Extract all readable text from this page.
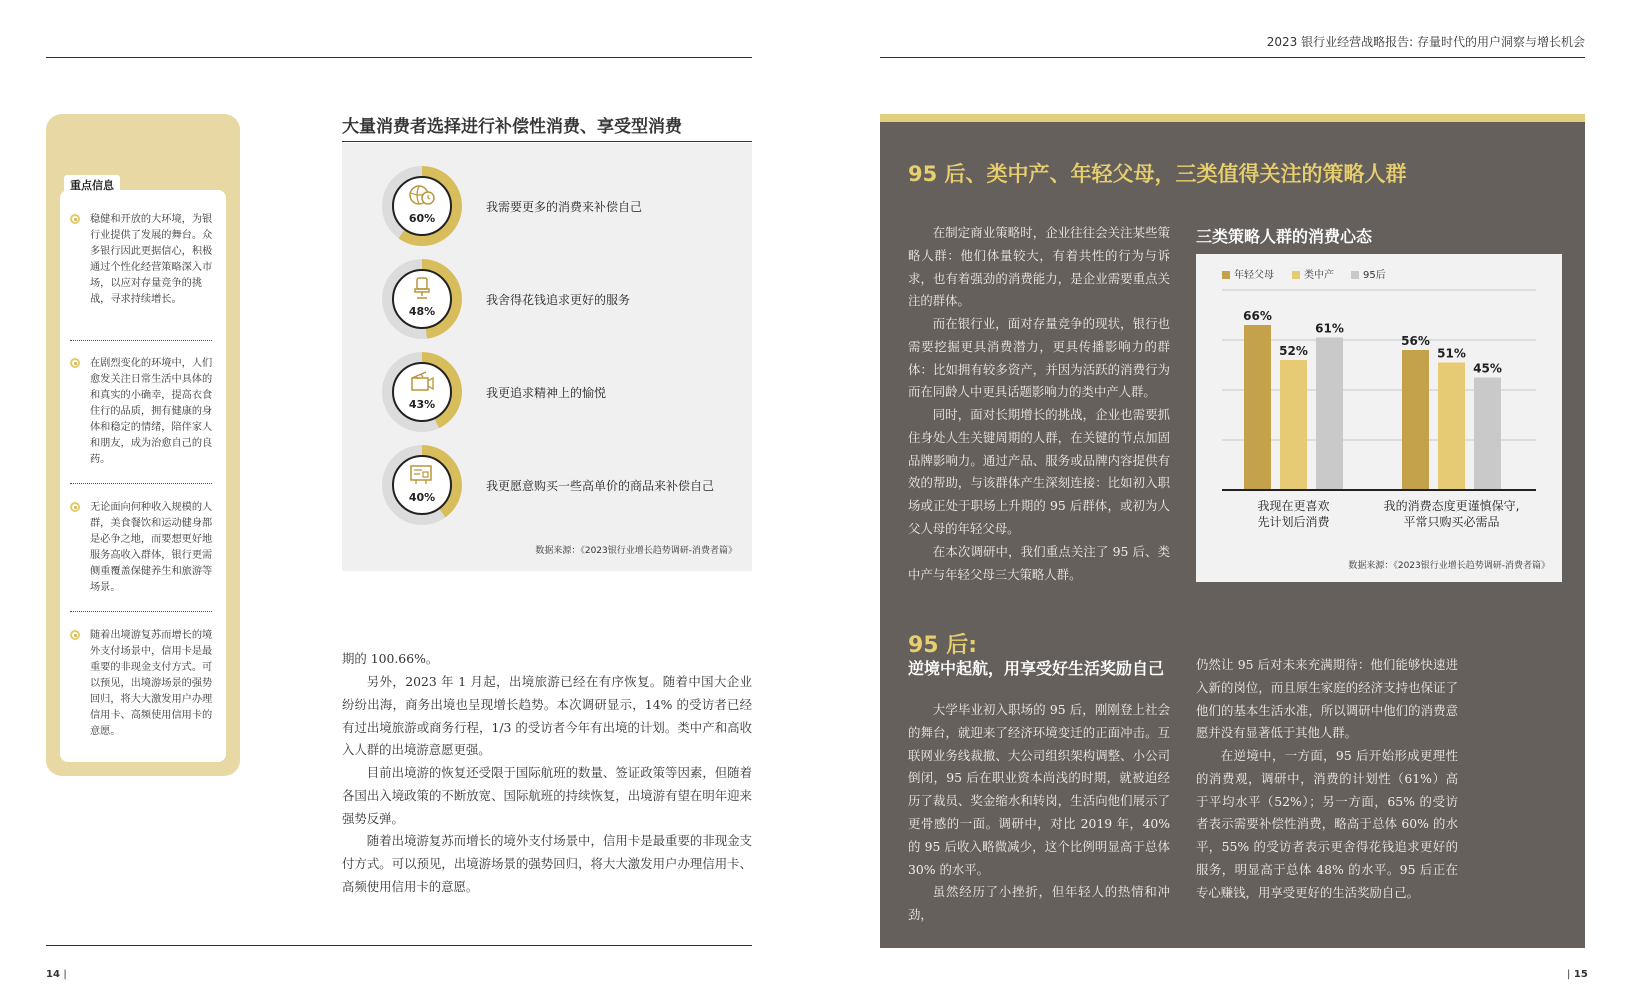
2023 银行业经营战略报告: 存量时代的用户洞察与增长机会
重点信息
稳健和开放的大环境，为银行业提供了发展的舞台。众多银行因此更据信心，积极通过个性化经营策略深入市场，以应对存量竞争的挑战，寻求持续增长。
在剧烈变化的环境中，人们愈发关注日常生活中具体的和真实的小确幸，提高衣食住行的品质，拥有健康的身体和稳定的情绪，陪伴家人和朋友，成为治愈自己的良药。
无论面向何种收入规模的人群，美食餐饮和运动健身都是必争之地，而要想更好地服务高收入群体，银行更需侧重覆盖保健养生和旅游等场景。
随着出境游复苏而增长的境外支付场景中，信用卡是最重要的非现金支付方式。可以预见，出境游场景的强势回归，将大大激发用户办理信用卡、高频使用信用卡的意愿。
大量消费者选择进行补偿性消费、享受型消费
60%
我需要更多的消费来补偿自己
48%
我舍得花钱追求更好的服务
43%
我更追求精神上的愉悦
40%
我更愿意购买一些高单价的商品来补偿自己
数据来源：《2023银行业增长趋势调研-消费者篇》
期的 100.66%。
另外，2023 年 1 月起，出境旅游已经在有序恢复。随着中国大企业纷纷出海，商务出境也呈现增长趋势。本次调研显示，14% 的受访者已经有过出境旅游或商务行程，1/3 的受访者今年有出境的计划。类中产和高收入人群的出境游意愿更强。
目前出境游的恢复还受限于国际航班的数量、签证政策等因素，但随着各国出入境政策的不断放宽、国际航班的持续恢复，出境游有望在明年迎来强势反弹。
随着出境游复苏而增长的境外支付场景中，信用卡是最重要的非现金支付方式。可以预见，出境游场景的强势回归，将大大激发用户办理信用卡、高频使用信用卡的意愿。
95 后、类中产、年轻父母，三类值得关注的策略人群
在制定商业策略时，企业往往会关注某些策略人群：他们体量较大，有着共性的行为与诉求，也有着强劲的消费能力，是企业需要重点关注的群体。
而在银行业，面对存量竞争的现状，银行也需要挖掘更具消费潜力，更具传播影响力的群体：比如拥有较多资产，并因为活跃的消费行为而在同龄人中更具话题影响力的类中产人群。
同时，面对长期增长的挑战，企业也需要抓住身处人生关键周期的人群，在关键的节点加固品牌影响力。通过产品、服务或品牌内容提供有效的帮助，与该群体产生深刻连接：比如初入职场或正处于职场上升期的 95 后群体，或初为人父人母的年轻父母。
在本次调研中，我们重点关注了 95 后、类中产与年轻父母三大策略人群。
三类策略人群的消费心态
年轻父母	类中产	95后
66%
52%
61%
我现在更喜欢
先计划后消费
56%
51%
45%
我的消费态度更谨慎保守,
平常只购买必需品
数据来源：《2023银行业增长趋势调研-消费者篇》
95 后:
逆境中起航，用享受好生活奖励自己
大学毕业初入职场的 95 后，刚刚登上社会的舞台，就迎来了经济环境变迁的正面冲击。互联网业务线裁撤、大公司组织架构调整、小公司倒闭，95 后在职业资本尚浅的时期，就被迫经历了裁员、奖金缩水和转岗，生活向他们展示了更骨感的一面。调研中，对比 2019 年，40% 的 95 后收入略微减少，这个比例明显高于总体 30% 的水平。
虽然经历了小挫折，但年轻人的热情和冲劲，
仍然让 95 后对未来充满期待：他们能够快速进入新的岗位，而且原生家庭的经济支持也保证了他们的基本生活水准，所以调研中他们的消费意愿并没有显著低于其他人群。
在逆境中，一方面，95 后开始形成更理性的消费观，调研中，消费的计划性（61%）高于平均水平（52%）；另一方面，65% 的受访者表示需要补偿性消费，略高于总体 60% 的水平，55% 的受访者表示更舍得花钱追求更好的服务，明显高于总体 48% 的水平。95 后正在专心赚钱，用享受更好的生活奖励自己。
14 |	| 15
